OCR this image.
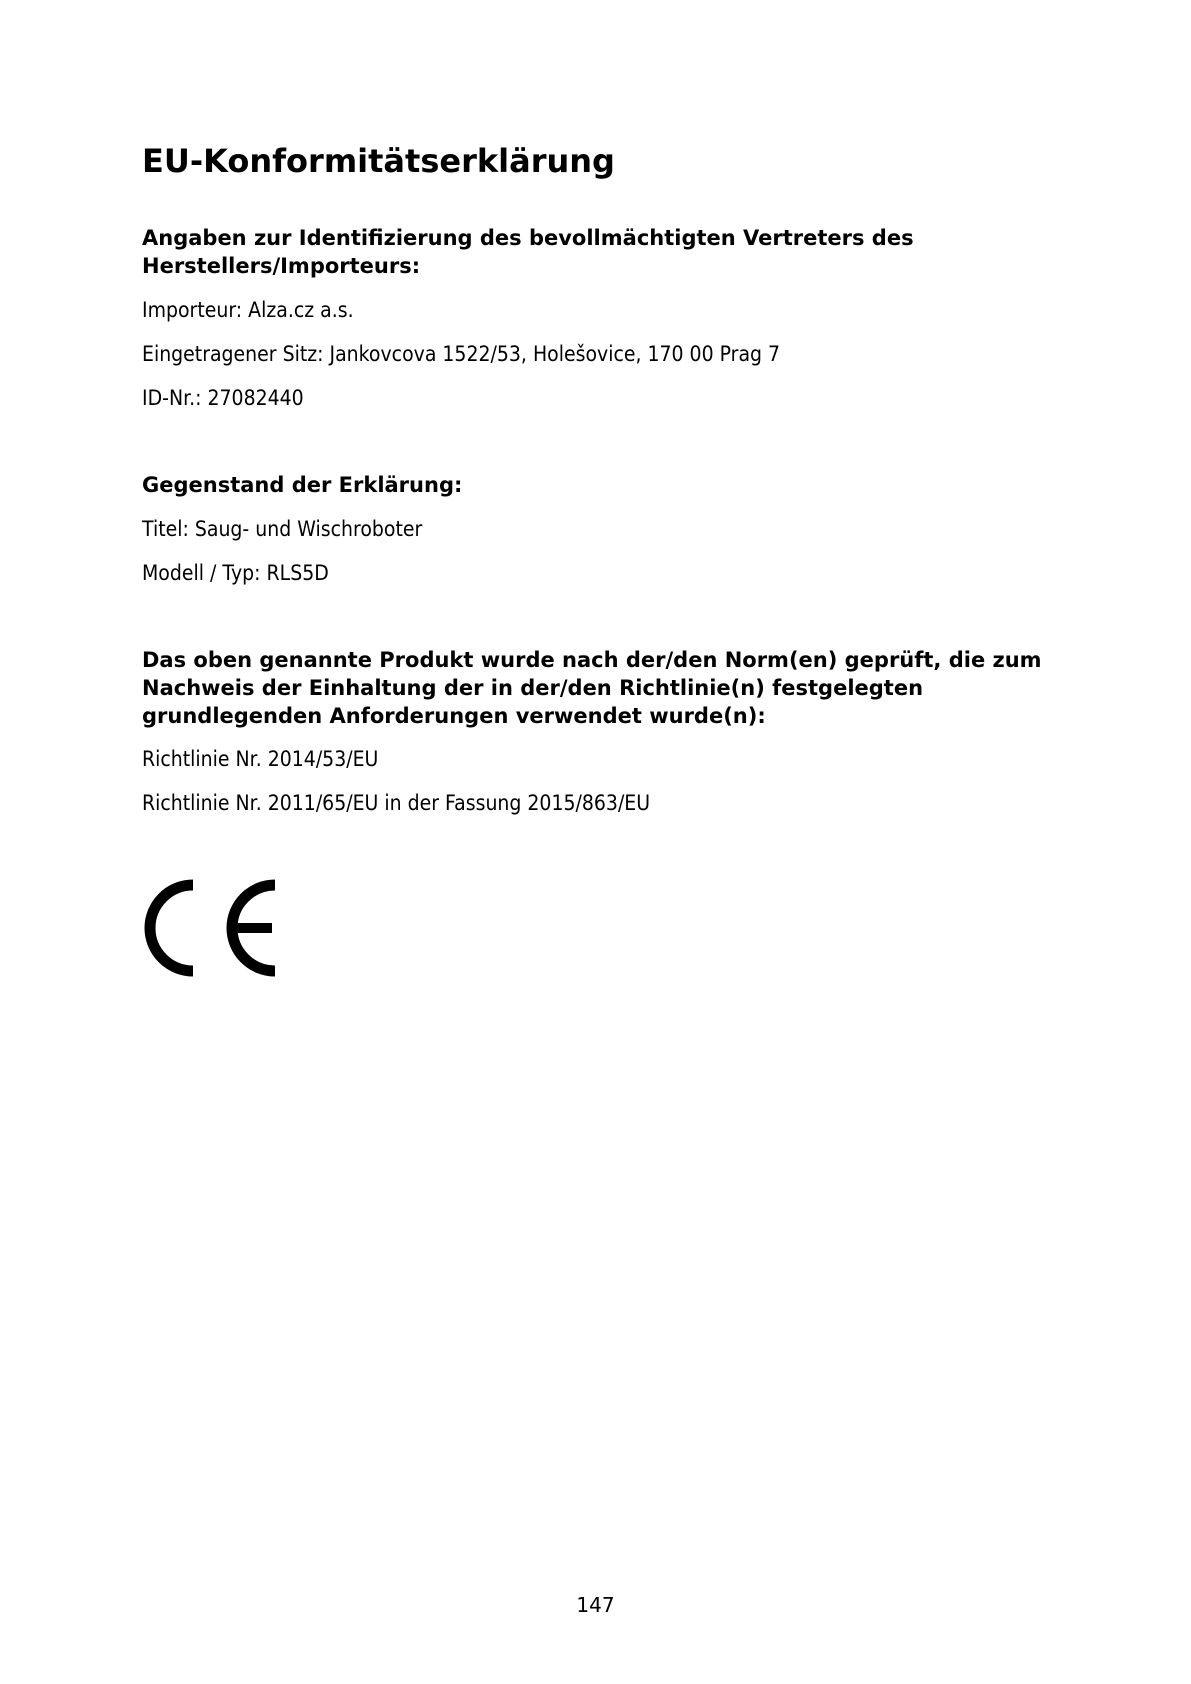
EU-Konformitätserklärung

Angaben zur Identifizierung des bevollmächtigten Vertreters des Herstellers/Importeurs:

Importeur: Alza.cz a.s.

Eingetragener Sitz: Jankovcova 1522/53, Holešovice, 170 00 Prag 7

ID-Nr.: 27082440

Gegenstand der Erklärung:

Titel: Saug- und Wischroboter

Modell / Typ: RLS5D

Das oben genannte Produkt wurde nach der/den Norm(en) geprüft, die zum Nachweis der Einhaltung der in der/den Richtlinie(n) festgelegten grundlegenden Anforderungen verwendet wurde(n):

Richtlinie Nr. 2014/53/EU

Richtlinie Nr. 2011/65/EU in der Fassung 2015/863/EU

147
